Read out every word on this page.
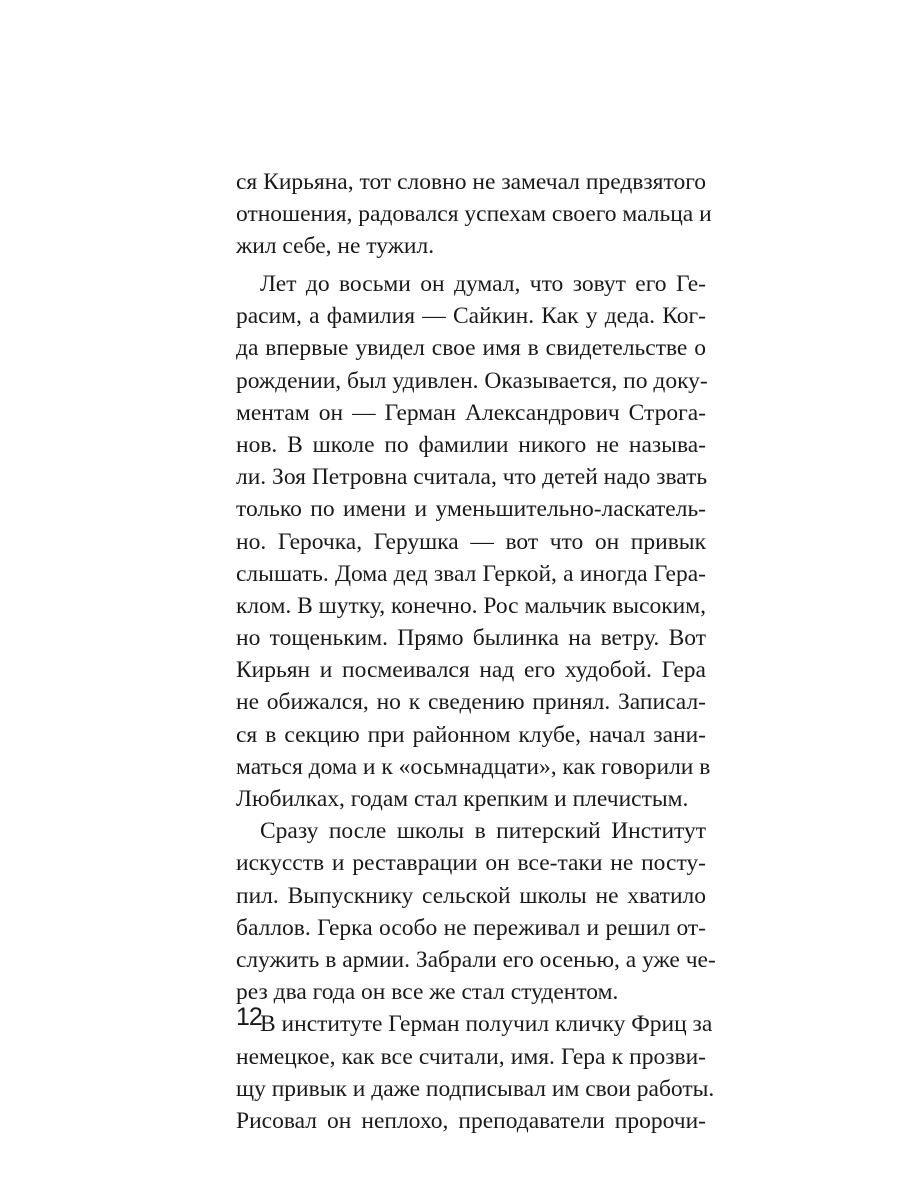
ся Кирьяна, тот словно не замечал предвзятого
отношения, радовался успехам своего мальца и
жил себе, не тужил.
Лет до восьми он думал, что зовут его Ге-
расим, а фамилия — Сайкин. Как у деда. Ког-
да впервые увидел свое имя в свидетельстве о
рождении, был удивлен. Оказывается, по доку-
ментам он — Герман Александрович Строга-
нов. В школе по фамилии никого не называ-
ли. Зоя Петровна считала, что детей надо звать
только по имени и уменьшительно-ласкатель-
но. Герочка, Герушка — вот что он привык
слышать. Дома дед звал Геркой, а иногда Гера-
клом. В шутку, конечно. Рос мальчик высоким,
но тощеньким. Прямо былинка на ветру. Вот
Кирьян и посмеивался над его худобой. Гера
не обижался, но к сведению принял. Записал-
ся в секцию при районном клубе, начал зани-
маться дома и к «осьмнадцати», как говорили в
Любилках, годам стал крепким и плечистым.
Сразу после школы в питерский Институт
искусств и реставрации он все-таки не посту-
пил. Выпускнику сельской школы не хватило
баллов. Герка особо не переживал и решил от-
служить в армии. Забрали его осенью, а уже че-
рез два года он все же стал студентом.
В институте Герман получил кличку Фриц за
немецкое, как все считали, имя. Гера к прозви-
щу привык и даже подписывал им свои работы.
Рисовал он неплохо, преподаватели пророчи-
12
